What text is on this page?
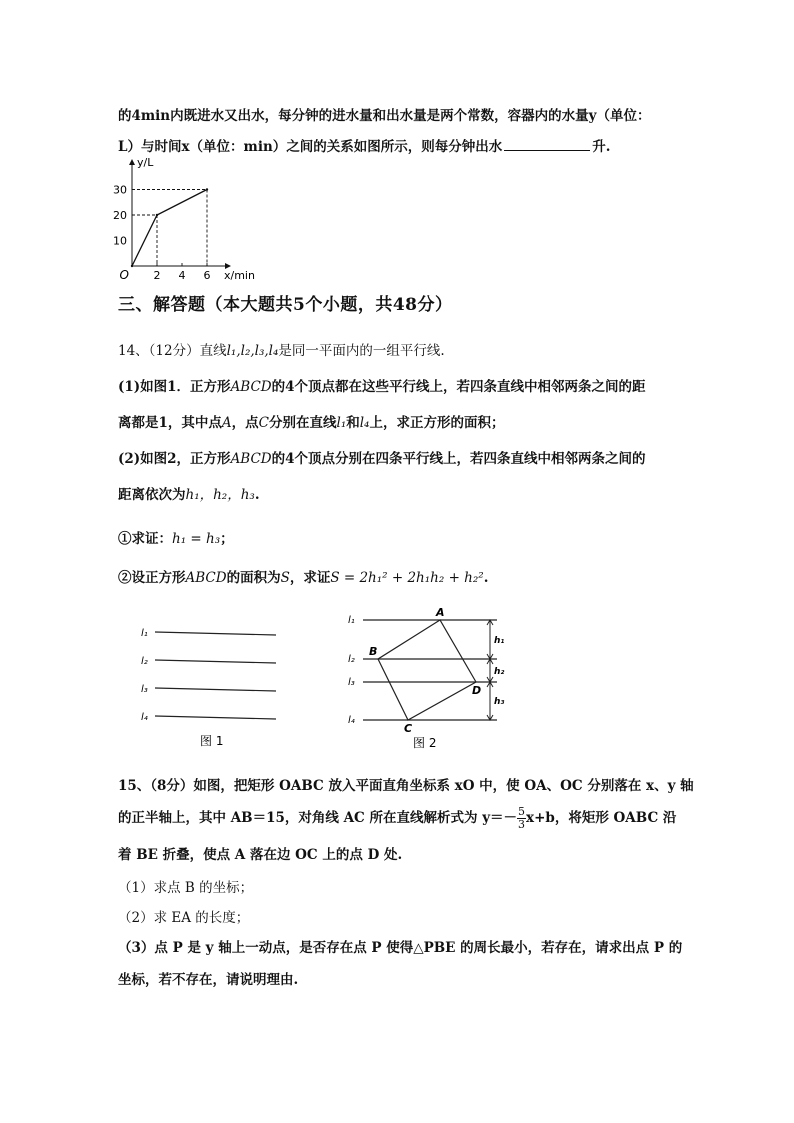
的4min内既进水又出水，每分钟的进水量和出水量是两个常数，容器内的水量y（单位：
L）与时间x（单位：min）之间的关系如图所示，则每分钟出水	升.
2 4 6
10
20
30
O	x/min
y/L
三、解答题（本大题共5个小题，共48分）
14、（12分）直线l₁,l₂,l₃,l₄是同一平面内的一组平行线.
(1)如图1．正方形ABCD的4个顶点都在这些平行线上，若四条直线中相邻两条之间的距
离都是1，其中点A，点C分别在直线l₁和l₄上，求正方形的面积；
(2)如图2，正方形ABCD的4个顶点分别在四条平行线上，若四条直线中相邻两条之间的
距离依次为h₁，h₂，h₃.
①求证：h₁ = h₃；
②设正方形ABCD的面积为S，求证S = 2h₁² + 2h₁h₂ + h₂².
l₁
l₂
l₃
l₄
图 1
l₁
l₂
l₃
l₄
A
B
C
D
h₁
h₂
h₃
图 2
15、（8分）如图，把矩形 OABC 放入平面直角坐标系 xO 中，使 OA、OC 分别落在 x、y 轴
的正半轴上，其中 AB＝15，对角线 AC 所在直线解析式为 $y=- \frac{5}{3} x+b$，将矩形 OABC 沿
着 BE 折叠，使点 A 落在边 OC 上的点 D 处.
（1）求点 B 的坐标；
（2）求 EA 的长度；
（3）点 P 是 y 轴上一动点，是否存在点 P 使得△PBE 的周长最小，若存在，请求出点 P 的
坐标，若不存在，请说明理由.
